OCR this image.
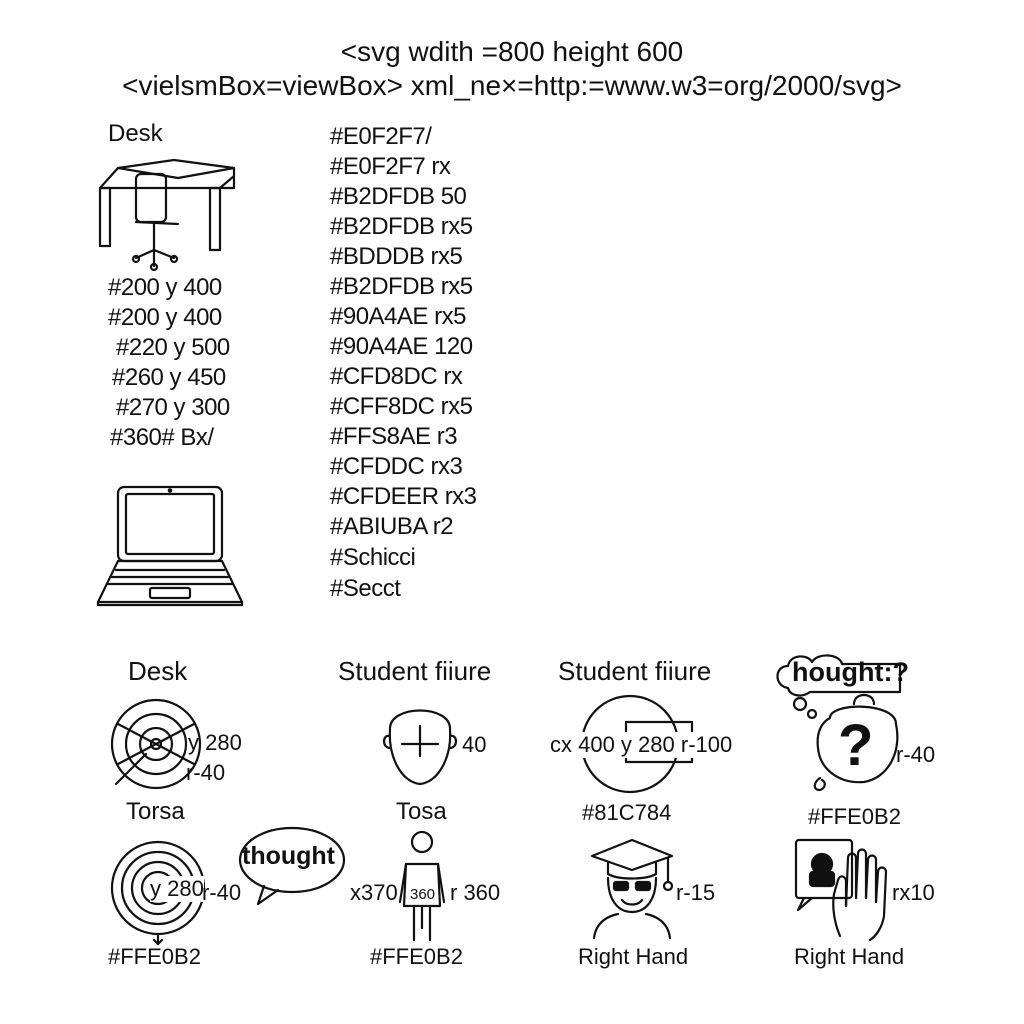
<svg wdith =800 height 600
<vielsmBox=viewBox> xml_ne×=http:=www.w3=org/2000/svg>
Desk
#200 y 400
#200 y 400
#220 y 500
#260 y 450
#270 y 300
#360# Bx/
#E0F2F7/
#E0F2F7 rx
#B2DFDB 50
#B2DFDB rx5
#BDDDB rx5
#B2DFDB rx5
#90A4AE rx5
#90A4AE 120
#CFD8DC rx
#CFF8DC rx5
#FFS8AE r3
#CFDDC rx3
#CFDEER rx3
#ABIUBA r2
#Schicci
#Secct
Desk
y 280
r-40
Torsa
Student fiiure
40
Tosa
Student fiiure
cx 400 y 280 r-100
#81C784
hought:?
? r-40
#FFE0B2
y 280
r-40
thought
#FFE0B2
x370 360 r 360
#FFE0B2
r-15
Right Hand
rx10
Right Hand
